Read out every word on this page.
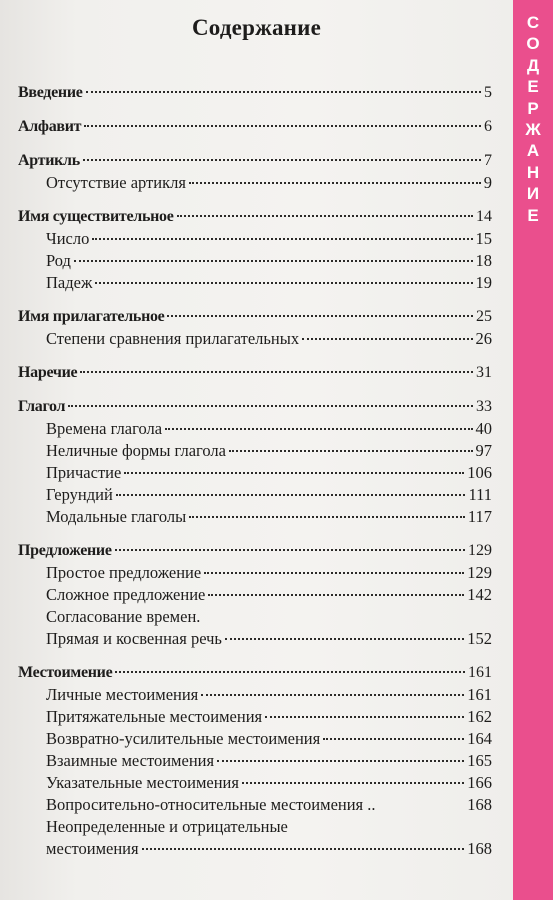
Содержание
Введение	5
Алфавит	6
Артикль	7
Отсутствие артикля	9
Имя существительное	14
Число	15
Род	18
Падеж	19
Имя прилагательное	25
Степени сравнения прилагательных	26
Наречие	31
Глагол	33
Времена глагола	40
Неличные формы глагола	97
Причастие	106
Герундий	111
Модальные глаголы	117
Предложение	129
Простое предложение	129
Сложное предложение	142
Согласование времен.
Прямая и косвенная речь	152
Местоимение	161
Личные местоимения	161
Притяжательные местоимения	162
Возвратно-усилительные местоимения	164
Взаимные местоимения	165
Указательные местоимения	166
Вопросительно-относительные местоимения ..	168
Неопределенные и отрицательные
местоимения	168
С
О
Д
Е
Р
Ж
А
Н
И
Е
